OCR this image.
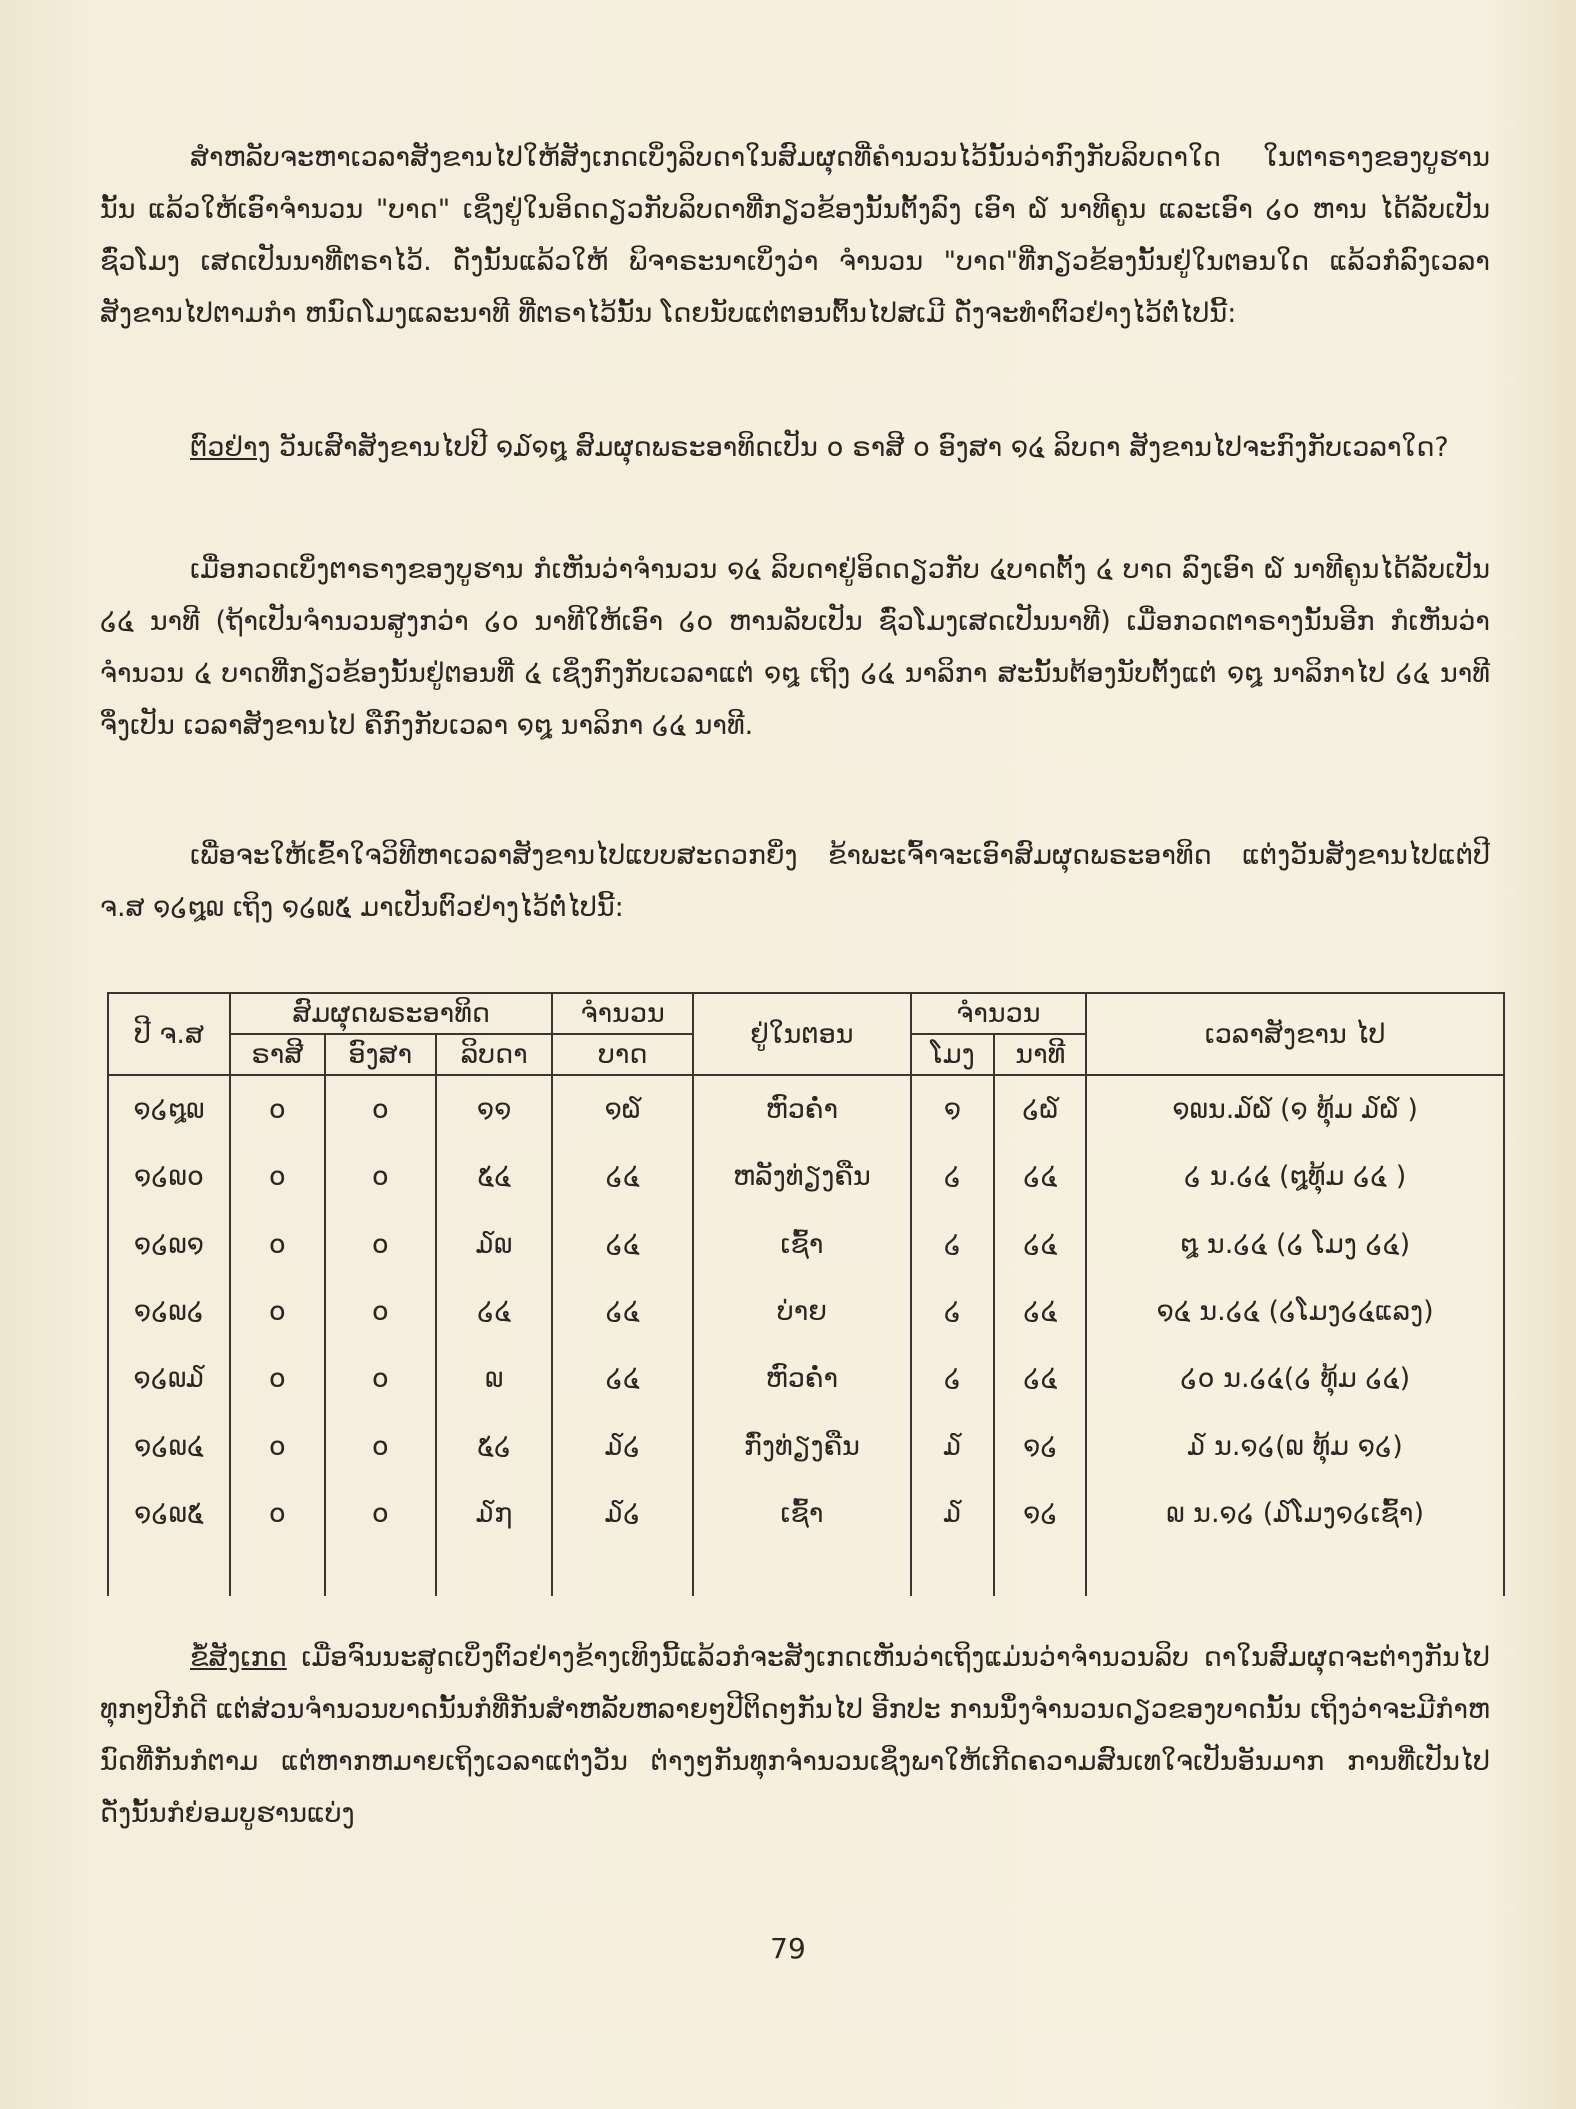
ສຳຫລັບຈະຫາເວລາສັງຂານໄປໃຫ້ສັງເກດເບິ່ງລິບດາໃນສົມຜຸດທີ່ຄຳນວນໄວ້ນັ້ນວ່າກົງກັບລິບດາໃດ ໃນຕາຣາງຂອງບູຮານນັ້ນ ແລ້ວໃຫ້ເອົາຈຳນວນ "ບາດ" ເຊິ່ງຢູ່ໃນອິດດຽວກັບລິບດາທີ່ກຽວຂ້ອງນັ້ນຕັ້ງລົງ ເອົາ ໖ ນາທີຄູນ ແລະເອົາ ໒໐ ຫານ ໄດ້ລັບເປັນຊົ່ວໂມງ ເສດເປັນນາທີ່ຕຣາໄວ້. ດັ່ງນັ້ນແລ້ວໃຫ້ ພິຈາຣະນາເບິ່ງວ່າ ຈຳນວນ "ບາດ"ທີ່ກຽວຂ້ອງນັ້ນຢູ່ໃນຕອນໃດ ແລ້ວກໍລົງເວລາສັງຂານໄປຕາມກຳ ຫນົດໂມງແລະນາທີ ທີ່ຕຣາໄວ້ນັ້ນ ໂດຍນັບແຕ່ຕອນຕົ້ນໄປສເມີ ດັ່ງຈະທຳຕົວຢ່າງໄວ້ຕໍ່ໄປນີ້:
ຕົວຢ່າງ ວັນເສົາສັງຂານໄປປີ ໑໓໑໘ ສົມຜຸດພຣະອາທິດເປັນ ໐ ຣາສີ ໐ ອົງສາ ໑໔ ລິບດາ ສັງຂານໄປຈະກົງກັບເວລາໃດ?
ເມື່ອກວດເບິ່ງຕາຣາງຂອງບູຮານ ກໍເຫັນວ່າຈຳນວນ ໑໔ ລິບດາຢູ່ອິດດຽວກັບ ໔ບາດຕັ້ງ ໔ ບາດ ລົງເອົາ ໖ ນາທີຄູນໄດ້ລັບເປັນ ໒໔ ນາທີ (ຖ້າເປັນຈຳນວນສູງກວ່າ ໒໐ ນາທີໃຫ້ເອົາ ໒໐ ຫານລັບເປັນ ຊົ່ວໂມງເສດເປັນນາທີ) ເມື່ອກວດຕາຣາງນັ້ນອີກ ກໍເຫັນວ່າຈຳນວນ ໔ ບາດທີ່ກຽວຂ້ອງນັ້ນຢູ່ຕອນທີ່ ໔ ເຊິ່ງກົງກັບເວລາແຕ່ ໑໘ ເຖິງ ໒໔ ນາລິກາ ສະນັ້ນຕ້ອງນັບຕັ້ງແຕ່ ໑໘ ນາລິກາໄປ ໒໔ ນາທີ ຈຶ່ງເປັນ ເວລາສັງຂານໄປ ຄືກົງກັບເວລາ ໑໘ ນາລິກາ ໒໔ ນາທີ.
ເພື່ອຈະໃຫ້ເຂົ້າໃຈວິທີຫາເວລາສັງຂານໄປແບບສະດວກຍິ່ງ ຂ້າພະເຈົ້າຈະເອົາສົມຜຸດພຣະອາທິດ ແຕ່ງວັນສັງຂານໄປແຕ່ປີ ຈ.ສ ໑໒໘໙ ເຖິງ ໑໒໙໕ ມາເປັນຕົວຢ່າງໄວ້ຕໍ່ໄປນີ້:
ປີ ຈ.ສ	ສົມຜຸດພຣະອາທິດ			ຈຳນວນ	ຢູ່ໃນຕອນ	ຈຳນວນ		ເວລາສັງຂານ ໄປ
	ຣາສີ	ອົງສາ	ລິບດາ	ບາດ		ໂມງ	ນາທີ	
໑໒໘໙	໐	໐	໑໑	໑໖	ຫົວຄ່ຳ	໑	໒໖	໑໙ນ.໓໖ (໑ ທຸ້ມ ໓໖ )
໑໒໙໐	໐	໐	໕໔	໒໔	ຫລັງທ່ຽງຄືນ	໒	໒໔	໒ ນ.໒໔ (໘ທຸ້ມ ໒໔ )
໑໒໙໑	໐	໐	໓໙	໒໔	ເຊົ້າ	໒	໒໔	໘ ນ.໒໔ (໒ ໂມງ ໒໔)
໑໒໙໒	໐	໐	໒໔	໒໔	ບ່າຍ	໒	໒໔	໑໔ ນ.໒໔ (໒ໂມງ໒໔ແລງ)
໑໒໙໓	໐	໐	໙	໒໔	ຫົວຄ່ຳ	໒	໒໔	໒໐ ນ.໒໔(໒ ທຸ້ມ ໒໔)
໑໒໙໔	໐	໐	໕໒	໓໒	ກົ່ງທ່ຽງຄືນ	໓	໑໒	໓ ນ.໑໒(໙ ທຸ້ມ ໑໒)
໑໒໙໕	໐	໐	໓໗	໓໒	ເຊົ້າ	໓	໑໒	໙ ນ.໑໒ (໓ໂມງ໑໒ເຊົ້າ)

ຂໍ້ສັງເກດ ເມື່ອຈົນນະສູດເບິ່ງຕົວຢ່າງຂ້າງເທິງນີ້ແລ້ວກໍຈະສັງເກດເຫັນວ່າເຖິງແມ່ນວ່າຈຳນວນລິບ ດາໃນສົມຜຸດຈະຕ່າງກັນໄປທຸກໆປີກໍດີ ແຕ່ສ່ວນຈຳນວນບາດນັ້ນກໍທີ່ກັນສຳຫລັບຫລາຍໆປີຕິດໆກັນໄປ ອີກປະ ການນຶ່ງຈຳນວນດຽວຂອງບາດນັ້ນ ເຖິງວ່າຈະມີກຳຫນົດທີ່ກັນກໍຕາມ ແຕ່ຫາກຫມາຍເຖິງເວລາແຕ່ງວັນ ຕ່າງໆກັນທຸກຈຳນວນເຊິ່ງພາໃຫ້ເກີດຄວາມສົນເທໃຈເປັນອັນມາກ ການທີ່ເປັນໄປດັ່ງນັ້ນກໍຍ່ອມບູຮານແບ່ງ
79
